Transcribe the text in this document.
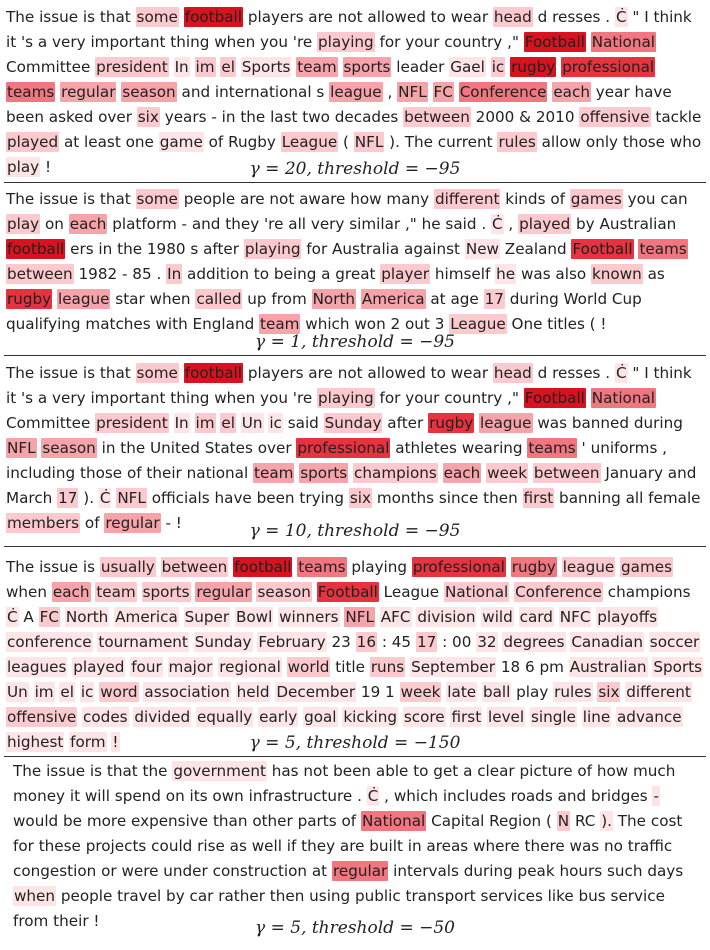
The issue is that some football players are not allowed to wear head d resses . Ċ " I think it 's a very important thing when you 're playing for your country ," Football National Committee president In im el Sports team sports leader Gael ic rugby professional teams regular season and international s league , NFL FC Conference each year have been asked over six years - in the last two decades between 2000 & 2010 offensive tackle played at least one game of Rugby League ( NFL ). The current rules allow only those who play !	γ = 20, threshold = −95

The issue is that some people are not aware how many different kinds of games you can play on each platform - and they 're all very similar ," he said . Ċ , played by Australian football ers in the 1980 s after playing for Australia against New Zealand Football teams between 1982 - 85 . In addition to being a great player himself he was also known as rugby league star when called up from North America at age 17 during World Cup qualifying matches with England team which won 2 out 3 League One titles ( !

γ = 1, threshold = −95

The issue is that some football players are not allowed to wear head d resses . Ċ " I think it 's a very important thing when you 're playing for your country ," Football National Committee president In im el Un ic said Sunday after rugby league was banned during NFL season in the United States over professional athletes wearing teams ' uniforms , including those of their national team sports champions each week between January and March 17 ). Ċ NFL officials have been trying six months since then first banning all female members of regular - !	γ = 10, threshold = −95

The issue is usually between football teams playing professional rugby league games when each team sports regular season Football League National Conference champions Ċ A FC North America Super Bowl winners NFL AFC division wild card NFC playoffs conference tournament Sunday February 23 16 : 45 17 : 00 32 degrees Canadian soccer leagues played four major regional world title runs September 18 6 pm Australian Sports Un im el ic word association held December 19 1 week late ball play rules six different offensive codes divided equally early goal kicking score first level single line advance highest form !	γ = 5, threshold = −150

The issue is that the government has not been able to get a clear picture of how much money it will spend on its own infrastructure . Ċ , which includes roads and bridges - would be more expensive than other parts of National Capital Region ( N RC ). The cost for these projects could rise as well if they are built in areas where there was no traffic congestion or were under construction at regular intervals during peak hours such days when people travel by car rather then using public transport services like bus service from their !	γ = 5, threshold = −50
